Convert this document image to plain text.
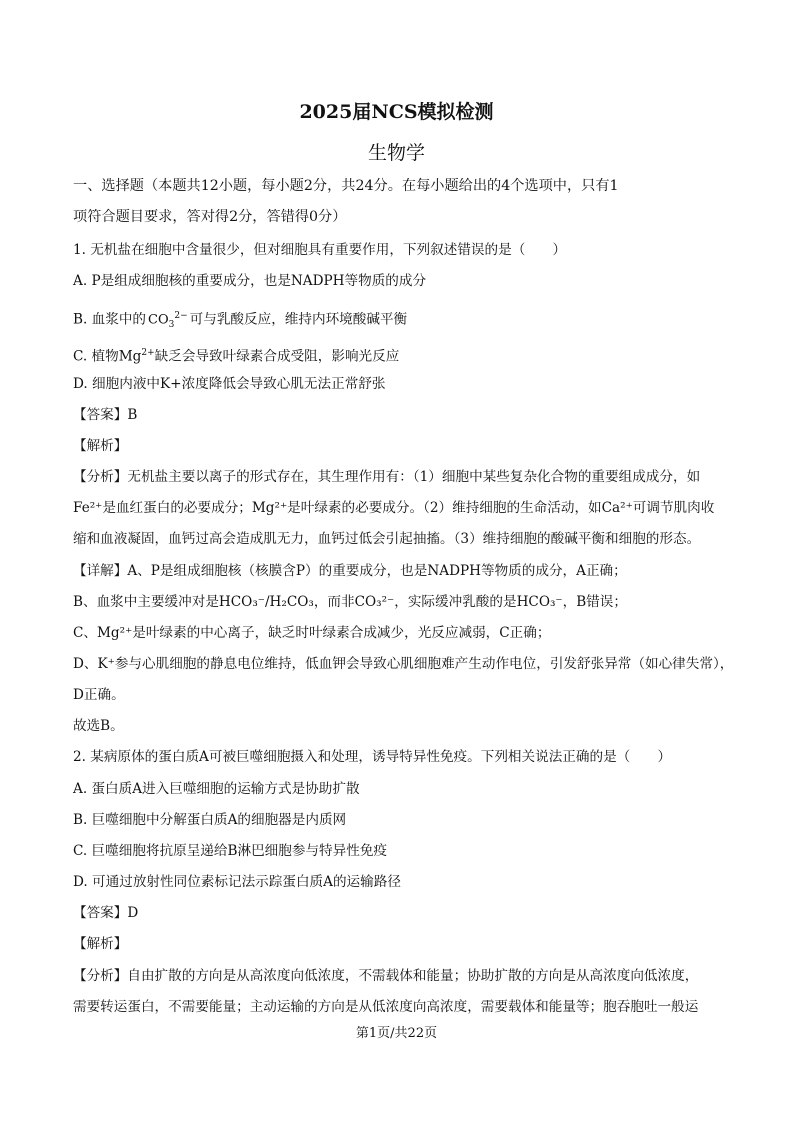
2025届NCS模拟检测
生物学
一、选择题（本题共12小题，每小题2分，共24分。在每小题给出的4个选项中，只有1
项符合题目要求，答对得2分，答错得0分）
1. 无机盐在细胞中含量很少，但对细胞具有重要作用，下列叙述错误的是（　　）
A. P是组成细胞核的重要成分，也是NADPH等物质的成分
B. 血浆中的 $CO_3^{2-}$ 可与乳酸反应，维持内环境酸碱平衡
C. 植物$Mg^{2+}$缺乏会导致叶绿素合成受阻，影响光反应
D. 细胞内液中K+浓度降低会导致心肌无法正常舒张
【答案】B
【解析】
【分析】无机盐主要以离子的形式存在，其生理作用有：（1）细胞中某些复杂化合物的重要组成成分，如
Fe²⁺是血红蛋白的必要成分；Mg²⁺是叶绿素的必要成分。（2）维持细胞的生命活动，如Ca²⁺可调节肌肉收
缩和血液凝固，血钙过高会造成肌无力，血钙过低会引起抽搐。（3）维持细胞的酸碱平衡和细胞的形态。
【详解】A、P是组成细胞核（核膜含P）的重要成分，也是NADPH等物质的成分，A正确；
B、血浆中主要缓冲对是HCO₃⁻/H₂CO₃，而非CO₃²⁻，实际缓冲乳酸的是HCO₃⁻，B错误；
C、Mg²⁺是叶绿素的中心离子，缺乏时叶绿素合成减少，光反应减弱，C正确；
D、K⁺参与心肌细胞的静息电位维持，低血钾会导致心肌细胞难产生动作电位，引发舒张异常（如心律失常），
D正确。
故选B。
2. 某病原体的蛋白质A可被巨噬细胞摄入和处理，诱导特异性免疫。下列相关说法正确的是（　　）
A. 蛋白质A进入巨噬细胞的运输方式是协助扩散
B. 巨噬细胞中分解蛋白质A的细胞器是内质网
C. 巨噬细胞将抗原呈递给B淋巴细胞参与特异性免疫
D. 可通过放射性同位素标记法示踪蛋白质A的运输路径
【答案】D
【解析】
【分析】自由扩散的方向是从高浓度向低浓度，不需载体和能量；协助扩散的方向是从高浓度向低浓度，
需要转运蛋白，不需要能量；主动运输的方向是从低浓度向高浓度，需要载体和能量等；胞吞胞吐一般运
第1页/共22页
